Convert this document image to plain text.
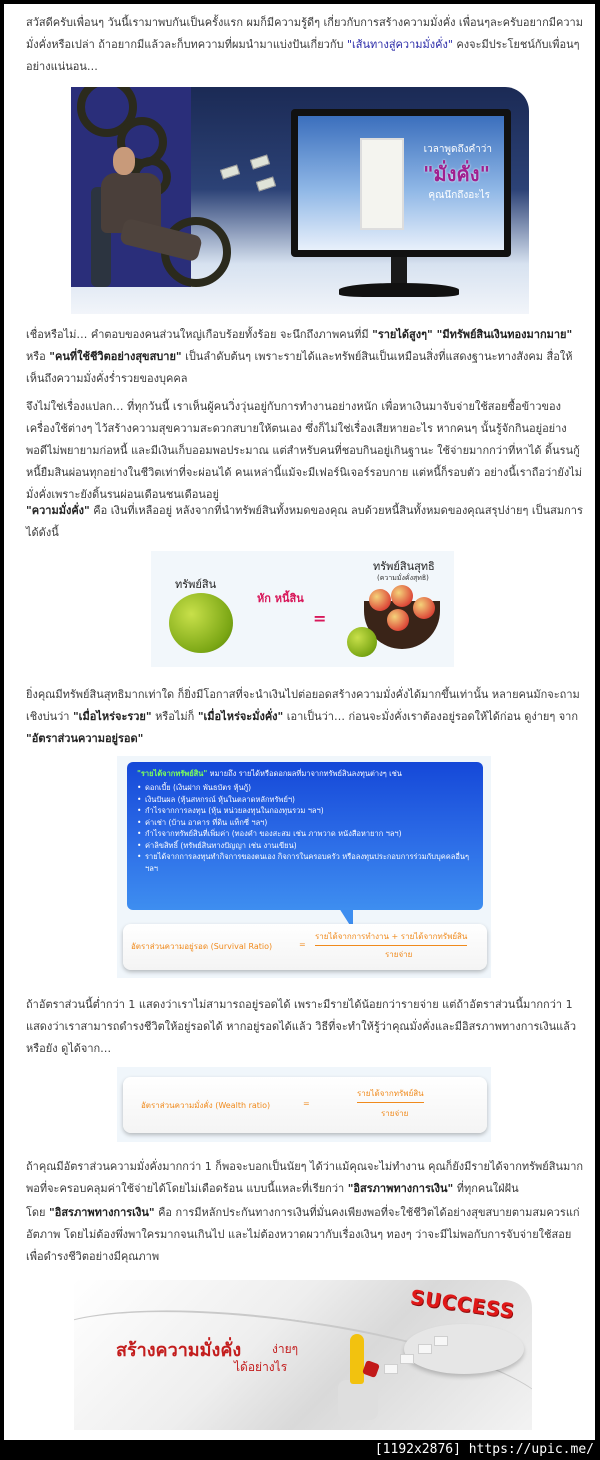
สวัสดีครับเพื่อนๆ วันนี้เรามาพบกันเป็นครั้งแรก ผมก็มีความรู้ดีๆ เกี่ยวกับการสร้างความมั่งคั่ง เพื่อนๆละครับอยากมีความมั่งคั่งหรือเปล่า ถ้าอยากมีแล้วละก็บทความที่ผมนำมาแบ่งปันเกี่ยวกับ "เส้นทางสู่ความมั่งคั่ง" คงจะมีประโยชน์กับเพื่อนๆ อย่างแน่นอน…

เวลาพูดถึงคำว่า
"มั่งคั่ง"
คุณนึกถึงอะไร

เชื่อหรือไม่… คำตอบของคนส่วนใหญ่เกือบร้อยทั้งร้อย จะนึกถึงภาพคนที่มี "รายได้สูงๆ" "มีทรัพย์สินเงินทองมากมาย" หรือ "คนที่ใช้ชีวิตอย่างสุขสบาย" เป็นลำดับต้นๆ เพราะรายได้และทรัพย์สินเป็นเหมือนสิ่งที่แสดงฐานะทางสังคม สื่อให้เห็นถึงความมั่งคั่งร่ำรวยของบุคคล

จึงไม่ใช่เรื่องแปลก… ที่ทุกวันนี้ เราเห็นผู้คนวิ่งวุ่นอยู่กับการทำงานอย่างหนัก เพื่อหาเงินมาจับจ่ายใช้สอยซื้อข้าวของเครื่องใช้ต่างๆ ไว้สร้างความสุขความสะดวกสบายให้ตนเอง ซึ่งก็ไม่ใช่เรื่องเสียหายอะไร หากคนๆ นั้นรู้จักกินอยู่อย่างพอดีไม่พยายามก่อหนี้ และมีเงินเก็บออมพอประมาณ แต่สำหรับคนที่ชอบกินอยู่เกินฐานะ ใช้จ่ายมากกว่าที่หาได้ ดิ้นรนกู้หนี้ยืมสินผ่อนทุกอย่างในชีวิตเท่าที่จะผ่อนได้ คนเหล่านี้แม้จะมีเฟอร์นิเจอร์รอบกาย แต่หนี้ก็รอบตัว อย่างนี้เราถือว่ายังไม่มั่งคั่งเพราะยังดิ้นรนผ่อนเดือนชนเดือนอยู่

"ความมั่งคั่ง" คือ เงินที่เหลืออยู่ หลังจากที่นำทรัพย์สินทั้งหมดของคุณ ลบด้วยหนี้สินทั้งหมดของคุณสรุปง่ายๆ เป็นสมการได้ดังนี้

ทรัพย์สิน
หัก หนี้สิน
=
ทรัพย์สินสุทธิ
(ความมั่งคั่งสุทธิ)

ยิ่งคุณมีทรัพย์สินสุทธิมากเท่าใด ก็ยิ่งมีโอกาสที่จะนำเงินไปต่อยอดสร้างความมั่งคั่งได้มากขึ้นเท่านั้น หลายคนมักจะถามเชิงบ่นว่า "เมื่อไหร่จะรวย" หรือไม่ก็ "เมื่อไหร่จะมั่งคั่ง" เอาเป็นว่า… ก่อนจะมั่งคั่งเราต้องอยู่รอดให้ได้ก่อน ดูง่ายๆ จาก "อัตราส่วนความอยู่รอด"

"รายได้จากทรัพย์สิน" หมายถึง รายได้หรือดอกผลที่มาจากทรัพย์สินลงทุนต่างๆ เช่น
• ดอกเบี้ย (เงินฝาก พันธบัตร หุ้นกู้)
• เงินปันผล (หุ้นสหกรณ์ หุ้นในตลาดหลักทรัพย์ฯ)
• กำไรจากการลงทุน (หุ้น หน่วยลงทุนในกองทุนรวม ฯลฯ)
• ค่าเช่า (บ้าน อาคาร ที่ดิน แท็กซี่ ฯลฯ)
• กำไรจากทรัพย์สินที่เพิ่มค่า (ทองคำ ของสะสม เช่น ภาพวาด หนังสือหายาก ฯลฯ)
• ค่าลิขสิทธิ์ (ทรัพย์สินทางปัญญา เช่น งานเขียน)
• รายได้จากการลงทุนทำกิจการของตนเอง กิจการในครอบครัว หรือลงทุนประกอบการร่วมกับบุคคลอื่นๆ
ฯลฯ
อัตราส่วนความอยู่รอด (Survival Ratio)	=
รายได้จากการทำงาน + รายได้จากทรัพย์สิน
รายจ่าย

ถ้าอัตราส่วนนี้ต่ำกว่า 1 แสดงว่าเราไม่สามารถอยู่รอดได้ เพราะมีรายได้น้อยกว่ารายจ่าย แต่ถ้าอัตราส่วนนี้มากกว่า 1 แสดงว่าเราสามารถดำรงชีวิตให้อยู่รอดได้ หากอยู่รอดได้แล้ว วิธีที่จะทำให้รู้ว่าคุณมั่งคั่งและมีอิสรภาพทางการเงินแล้วหรือยัง ดูได้จาก…

อัตราส่วนความมั่งคั่ง (Wealth ratio)	=
รายได้จากทรัพย์สิน
รายจ่าย

ถ้าคุณมีอัตราส่วนความมั่งคั่งมากกว่า 1 ก็พอจะบอกเป็นนัยๆ ได้ว่าแม้คุณจะไม่ทำงาน คุณก็ยังมีรายได้จากทรัพย์สินมากพอที่จะครอบคลุมค่าใช้จ่ายได้โดยไม่เดือดร้อน แบบนี้แหละที่เรียกว่า "อิสรภาพทางการเงิน" ที่ทุกคนใฝ่ฝัน

โดย "อิสรภาพทางการเงิน" คือ การมีหลักประกันทางการเงินที่มั่นคงเพียงพอที่จะใช้ชีวิตได้อย่างสุขสบายตามสมควรแก่อัตภาพ โดยไม่ต้องพึ่งพาใครมากจนเกินไป และไม่ต้องหวาดผวากับเรื่องเงินๆ ทองๆ ว่าจะมีไม่พอกับการจับจ่ายใช้สอยเพื่อดำรงชีวิตอย่างมีคุณภาพ

สร้างความมั่งคั่ง	ง่ายๆ
ได้อย่างไร
SUCCESS
[1192x2876] https://upic.me/
